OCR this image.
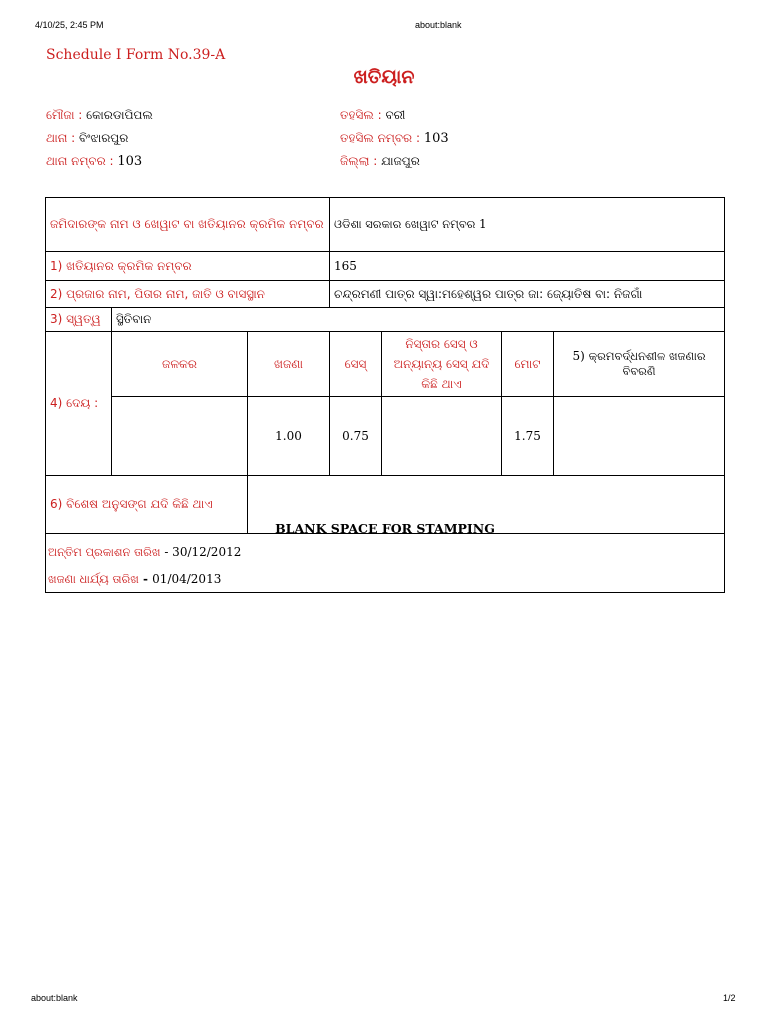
4/10/25, 2:45 PM	about:blank
Schedule I Form No.39-A
ଖତିୟାନ
ମୌଜା : କୋରଡାପିପଲ
ଥାନା : ବିଂଝାରପୁର
ଥାନା ନମ୍ବର : 103
ତହସିଲ : ବରୀ
ତହସିଲ ନମ୍ବର : 103
ଜିଲ୍ଲା : ଯାଜପୁର
ଜମିଦାରଙ୍କ ନାମ ଓ ଖେୱାଟ ବା ଖତିୟାନର କ୍ରମିକ ନମ୍ବର			ଓଡିଶା ସରକାର ଖେୱାଟ ନମ୍ବର 1			
1) ଖତିୟାନର କ୍ରମିକ ନମ୍ବର			165			
2) ପ୍ରଜାର ନାମ, ପିତାର ନାମ, ଜାତି ଓ ବାସସ୍ଥାନ			ଚନ୍ଦ୍ରମଣୀ ପାତ୍ର ସ୍ୱା:ମହେଶ୍ୱର ପାତ୍ର ଜା: ଜ୍ୟୋତିଷ ବା: ନିଜଗାଁ			
3) ସ୍ୱତ୍ୱ	ସ୍ଥିତିବାନ					
4) ଦେୟ :	ଜଳକର	ଖଜଣା	ସେସ୍	ନିସ୍ତାର ସେସ୍ ଓ ଅନ୍ୟାନ୍ୟ ସେସ୍ ଯଦି କିଛି ଥାଏ	ମୋଟ	5) କ୍ରମବର୍ଦ୍ଧନଶୀଳ ଖଜଣାର ବିବରଣି
		1.00	0.75		1.75	
6) ବିଶେଷ ଅନୁସଙ୍ଗ ଯଦି କିଛି ଥାଏ						
BLANK SPACE FOR STAMPING
ଅନ୍ତିମ ପ୍ରକାଶନ ତାରିଖ - 30/12/2012
ଖଜଣା ଧାର୍ଯ୍ୟ ତାରିଖ - 01/04/2013
about:blank	1/2
